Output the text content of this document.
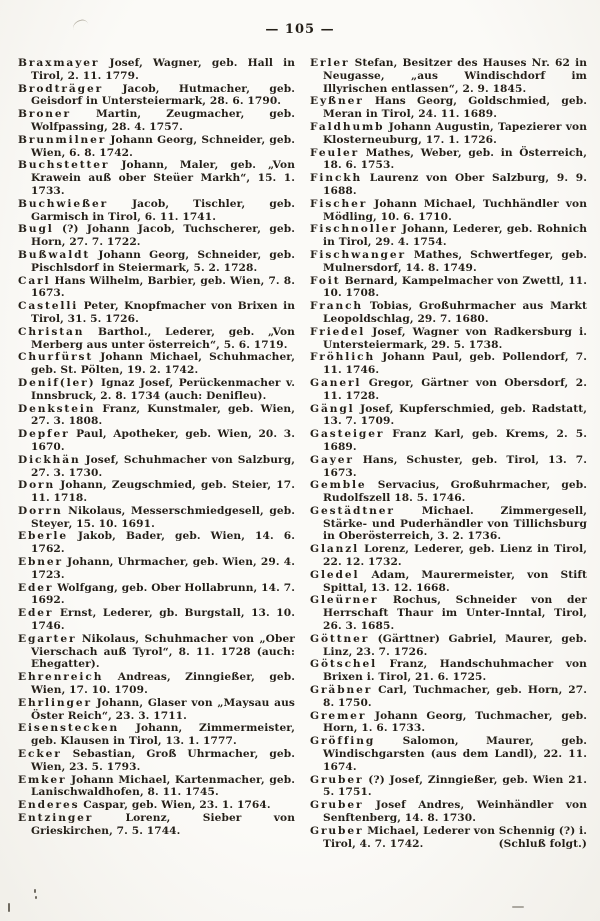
— 105 —

Braxmayer Josef, Wagner, geb. Hall in Tirol, 2. 11. 1779.

Brodträger Jacob, Hutmacher, geb. Geisdorf in Untersteiermark, 28. 6. 1790.

Broner Martin, Zeugmacher, geb. Wolfpassing, 28. 4. 1757.

Brunmilner Johann Georg, Schneider, geb. Wien, 6. 8. 1742.

Buchstetter Johann, Maler, geb. „Von Krawein auß ober Steüer Markh“, 15. 1. 1733.

Buchwießer Jacob, Tischler, geb. Garmisch in Tirol, 6. 11. 1741.

Bugl (?) Johann Jacob, Tuchscherer, geb. Horn, 27. 7. 1722.

Bußwaldt Johann Georg, Schneider, geb. Pischlsdorf in Steiermark, 5. 2. 1728.

Carl Hans Wilhelm, Barbier, geb. Wien, 7. 8. 1673.

Castelli Peter, Knopfmacher von Brixen in Tirol, 31. 5. 1726.

Christan Barthol., Lederer, geb. „Von Merberg aus unter österreich“, 5. 6. 1719.

Churfürst Johann Michael, Schuhmacher, geb. St. Pölten, 19. 2. 1742.

Denif(ler) Ignaz Josef, Perückenmacher v. Innsbruck, 2. 8. 1734 (auch: Denifleu).

Denkstein Franz, Kunstmaler, geb. Wien, 27. 3. 1808.

Depfer Paul, Apotheker, geb. Wien, 20. 3. 1670.

Dickhän Josef, Schuhmacher von Salzburg, 27. 3. 1730.

Dorn Johann, Zeugschmied, geb. Steier, 17. 11. 1718.

Dorrn Nikolaus, Messerschmiedgesell, geb. Steyer, 15. 10. 1691.

Eberle Jakob, Bader, geb. Wien, 14. 6. 1762.

Ebner Johann, Uhrmacher, geb. Wien, 29. 4. 1723.

Eder Wolfgang, geb. Ober Hollabrunn, 14. 7. 1692.

Eder Ernst, Lederer, gb. Burgstall, 13. 10. 1746.

Egarter Nikolaus, Schuhmacher von „Ober Vierschach auß Tyrol“, 8. 11. 1728 (auch: Ehegatter).

Ehrenreich Andreas, Zinngießer, geb. Wien, 17. 10. 1709.

Ehrlinger Johann, Glaser von „Maysau aus Öster Reich“, 23. 3. 1711.

Eisenstecken Johann, Zimmermeister, geb. Klausen in Tirol, 13. 1. 1777.

Ecker Sebastian, Groß Uhrmacher, geb. Wien, 23. 5. 1793.

Emker Johann Michael, Kartenmacher, geb. Lanischwaldhofen, 8. 11. 1745.

Enderes Caspar, geb. Wien, 23. 1. 1764.

Entzinger Lorenz, Sieber von Grieskirchen, 7. 5. 1744.

Erler Stefan, Besitzer des Hauses Nr. 62 in Neugasse, „aus Windischdorf im Illyrischen entlassen“, 2. 9. 1845.

Eyßner Hans Georg, Goldschmied, geb. Meran in Tirol, 24. 11. 1689.

Faldhumb Johann Augustin, Tapezierer von Klosterneuburg, 17. 1. 1726.

Feuler Mathes, Weber, geb. in Österreich, 18. 6. 1753.

Finckh Laurenz von Ober Salzburg, 9. 9. 1688.

Fischer Johann Michael, Tuchhändler von Mödling, 10. 6. 1710.

Fischnoller Johann, Lederer, geb. Rohnich in Tirol, 29. 4. 1754.

Fischwanger Mathes, Schwertfeger, geb. Mulnersdorf, 14. 8. 1749.

Foit Bernard, Kampelmacher von Zwettl, 11. 10. 1708.

Franch Tobias, Großuhrmacher aus Markt Leopoldschlag, 29. 7. 1680.

Friedel Josef, Wagner von Radkersburg i. Untersteiermark, 29. 5. 1738.

Fröhlich Johann Paul, geb. Pollendorf, 7. 11. 1746.

Ganerl Gregor, Gärtner von Obersdorf, 2. 11. 1728.

Gängl Josef, Kupferschmied, geb. Radstatt, 13. 7. 1709.

Gasteiger Franz Karl, geb. Krems, 2. 5. 1689.

Gayer Hans, Schuster, geb. Tirol, 13. 7. 1673.

Gemble Servacius, Großuhrmacher, geb. Rudolfszell 18. 5. 1746.

Gestädtner Michael. Zimmergesell, Stärke- und Puderhändler von Tillichsburg in Oberösterreich, 3. 2. 1736.

Glanzl Lorenz, Lederer, geb. Lienz in Tirol, 22. 12. 1732.

Gledel Adam, Maurermeister, von Stift Spittal, 13. 12. 1668.

Gleürner Rochus, Schneider von der Herrschaft Thaur im Unter-Inntal, Tirol, 26. 3. 1685.

Göttner (Gärttner) Gabriel, Maurer, geb. Linz, 23. 7. 1726.

Götschel Franz, Handschuhmacher von Brixen i. Tirol, 21. 6. 1725.

Gräbner Carl, Tuchmacher, geb. Horn, 27. 8. 1750.

Gremer Johann Georg, Tuchmacher, geb. Horn, 1. 6. 1733.

Gröffing Salomon, Maurer, geb. Windischgarsten (aus dem Landl), 22. 11. 1674.

Gruber (?) Josef, Zinngießer, geb. Wien 21. 5. 1751.

Gruber Josef Andres, Weinhändler von Senftenberg, 14. 8. 1730.

Gruber Michael, Lederer von Schennig (?) i. Tirol, 4. 7. 1742.	(Schluß folgt.)
